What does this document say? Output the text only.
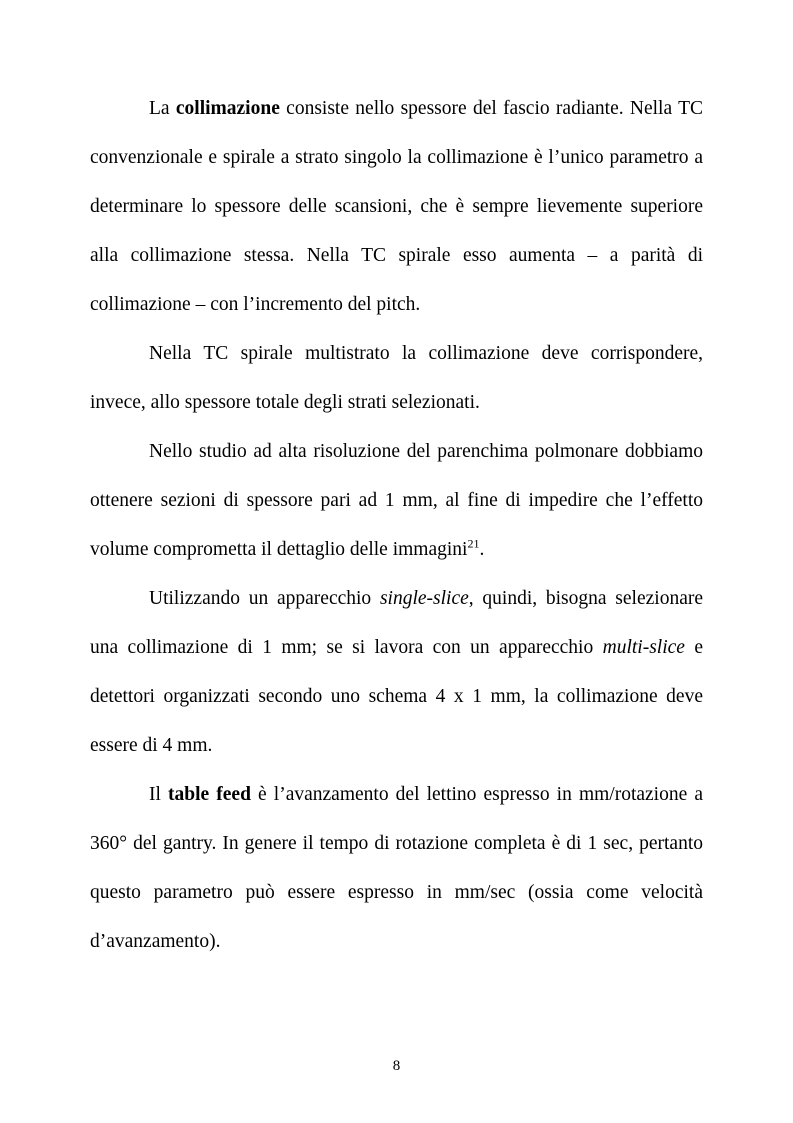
La collimazione consiste nello spessore del fascio radiante. Nella TC convenzionale e spirale a strato singolo la collimazione è l’unico parametro a determinare lo spessore delle scansioni, che è sempre lievemente superiore alla collimazione stessa. Nella TC spirale esso aumenta – a parità di collimazione – con l’incremento del pitch.

Nella TC spirale multistrato la collimazione deve corrispondere, invece, allo spessore totale degli strati selezionati.

Nello studio ad alta risoluzione del parenchima polmonare dobbiamo ottenere sezioni di spessore pari ad 1 mm, al fine di impedire che l’effetto volume comprometta il dettaglio delle immagini$^{21}$.

Utilizzando un apparecchio single-slice, quindi, bisogna selezionare una collimazione di 1 mm; se si lavora con un apparecchio multi-slice e detettori organizzati secondo uno schema 4 x 1 mm, la collimazione deve essere di 4 mm.

Il table feed è l’avanzamento del lettino espresso in mm/rotazione a 360° del gantry. In genere il tempo di rotazione completa è di 1 sec, pertanto questo parametro può essere espresso in mm/sec (ossia come velocità d’avanzamento).

8
